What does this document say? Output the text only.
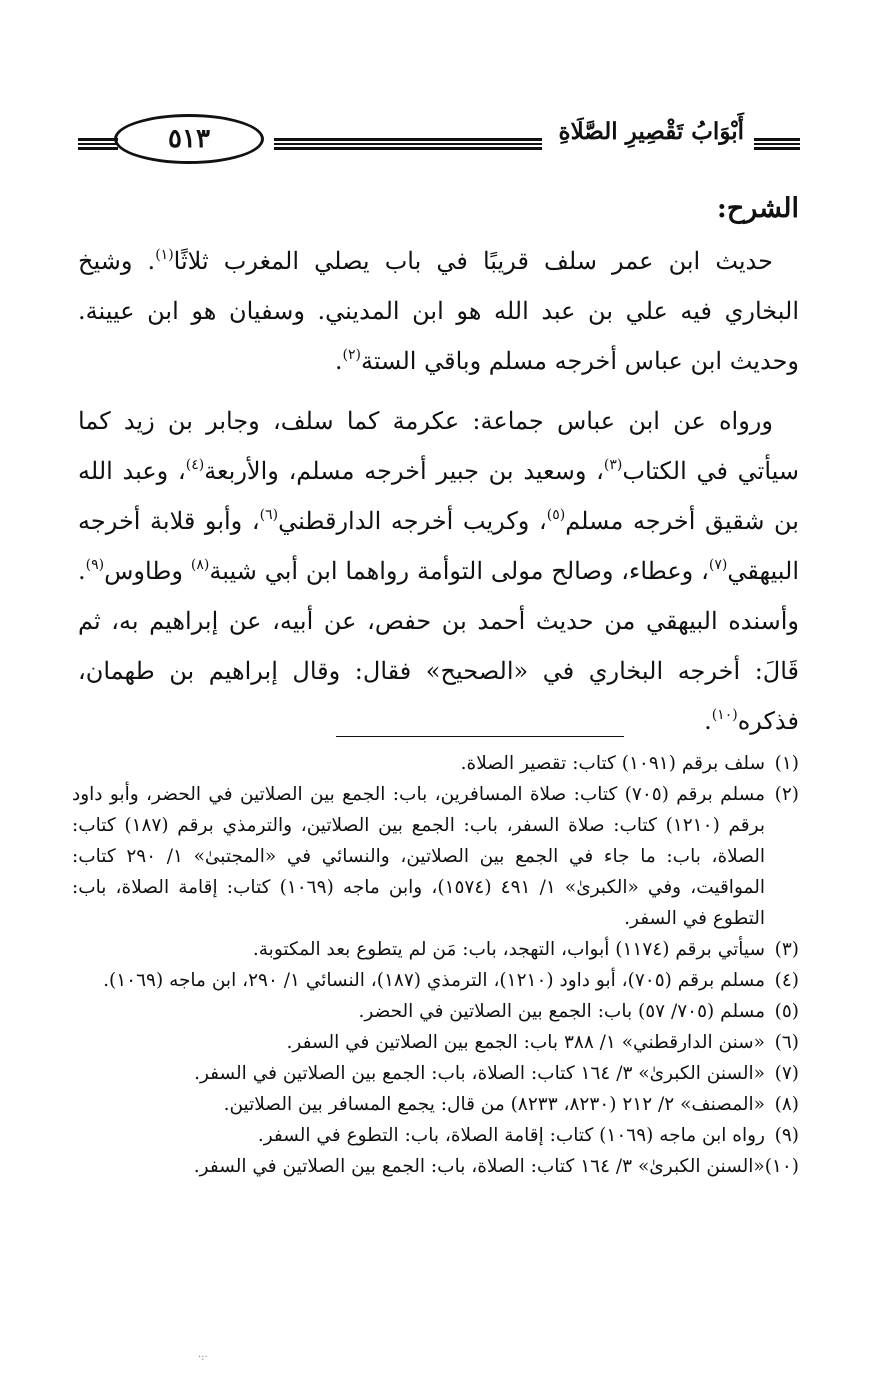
أَبْوَابُ تَقْصِيرِ الصَّلَاةِ
٥١٣
الشرح:

حديث ابن عمر سلف قريبًا في باب يصلي المغرب ثلاثًا$^{(١)}$. وشيخ البخاري فيه علي بن عبد الله هو ابن المديني. وسفيان هو ابن عيينة. وحديث ابن عباس أخرجه مسلم وباقي الستة$^{(٢)}$.

ورواه عن ابن عباس جماعة: عكرمة كما سلف، وجابر بن زيد كما سيأتي في الكتاب$^{(٣)}$، وسعيد بن جبير أخرجه مسلم، والأربعة$^{(٤)}$، وعبد الله بن شقيق أخرجه مسلم$^{(٥)}$، وكريب أخرجه الدارقطني$^{(٦)}$، وأبو قلابة أخرجه البيهقي$^{(٧)}$، وعطاء، وصالح مولى التوأمة رواهما ابن أبي شيبة$^{(٨)}$ وطاوس$^{(٩)}$. وأسنده البيهقي من حديث أحمد بن حفص، عن أبيه، عن إبراهيم به، ثم قَالَ: أخرجه البخاري في «الصحيح» فقال: وقال إبراهيم بن طهمان، فذكره$^{(١٠)}$.

(١)
سلف برقم (١٠٩١) كتاب: تقصير الصلاة.
(٢)
مسلم برقم (٧٠٥) كتاب: صلاة المسافرين، باب: الجمع بين الصلاتين في الحضر، وأبو داود برقم (١٢١٠) كتاب: صلاة السفر، باب: الجمع بين الصلاتين، والترمذي برقم (١٨٧) كتاب: الصلاة، باب: ما جاء في الجمع بين الصلاتين، والنسائي في «المجتبىٰ» ١/ ٢٩٠ كتاب: المواقيت، وفي «الكبرىٰ» ١/ ٤٩١ (١٥٧٤)، وابن ماجه (١٠٦٩) كتاب: إقامة الصلاة، باب: التطوع في السفر.
(٣)
سيأتي برقم (١١٧٤) أبواب، التهجد، باب: مَن لم يتطوع بعد المكتوبة.
(٤)
مسلم برقم (٧٠٥)، أبو داود (١٢١٠)، الترمذي (١٨٧)، النسائي ١/ ٢٩٠، ابن ماجه (١٠٦٩).
(٥)
مسلم (٧٠٥/ ٥٧) باب: الجمع بين الصلاتين في الحضر.
(٦)
«سنن الدارقطني» ١/ ٣٨٨ باب: الجمع بين الصلاتين في السفر.
(٧)
«السنن الكبرىٰ» ٣/ ١٦٤ كتاب: الصلاة، باب: الجمع بين الصلاتين في السفر.
(٨)
«المصنف» ٢/ ٢١٢ (٨٢٣٠، ٨٢٣٣) من قال: يجمع المسافر بين الصلاتين.
(٩)
رواه ابن ماجه (١٠٦٩) كتاب: إقامة الصلاة، باب: التطوع في السفر.
(١٠)
«السنن الكبرىٰ» ٣/ ١٦٤ كتاب: الصلاة، باب: الجمع بين الصلاتين في السفر.
·:·
